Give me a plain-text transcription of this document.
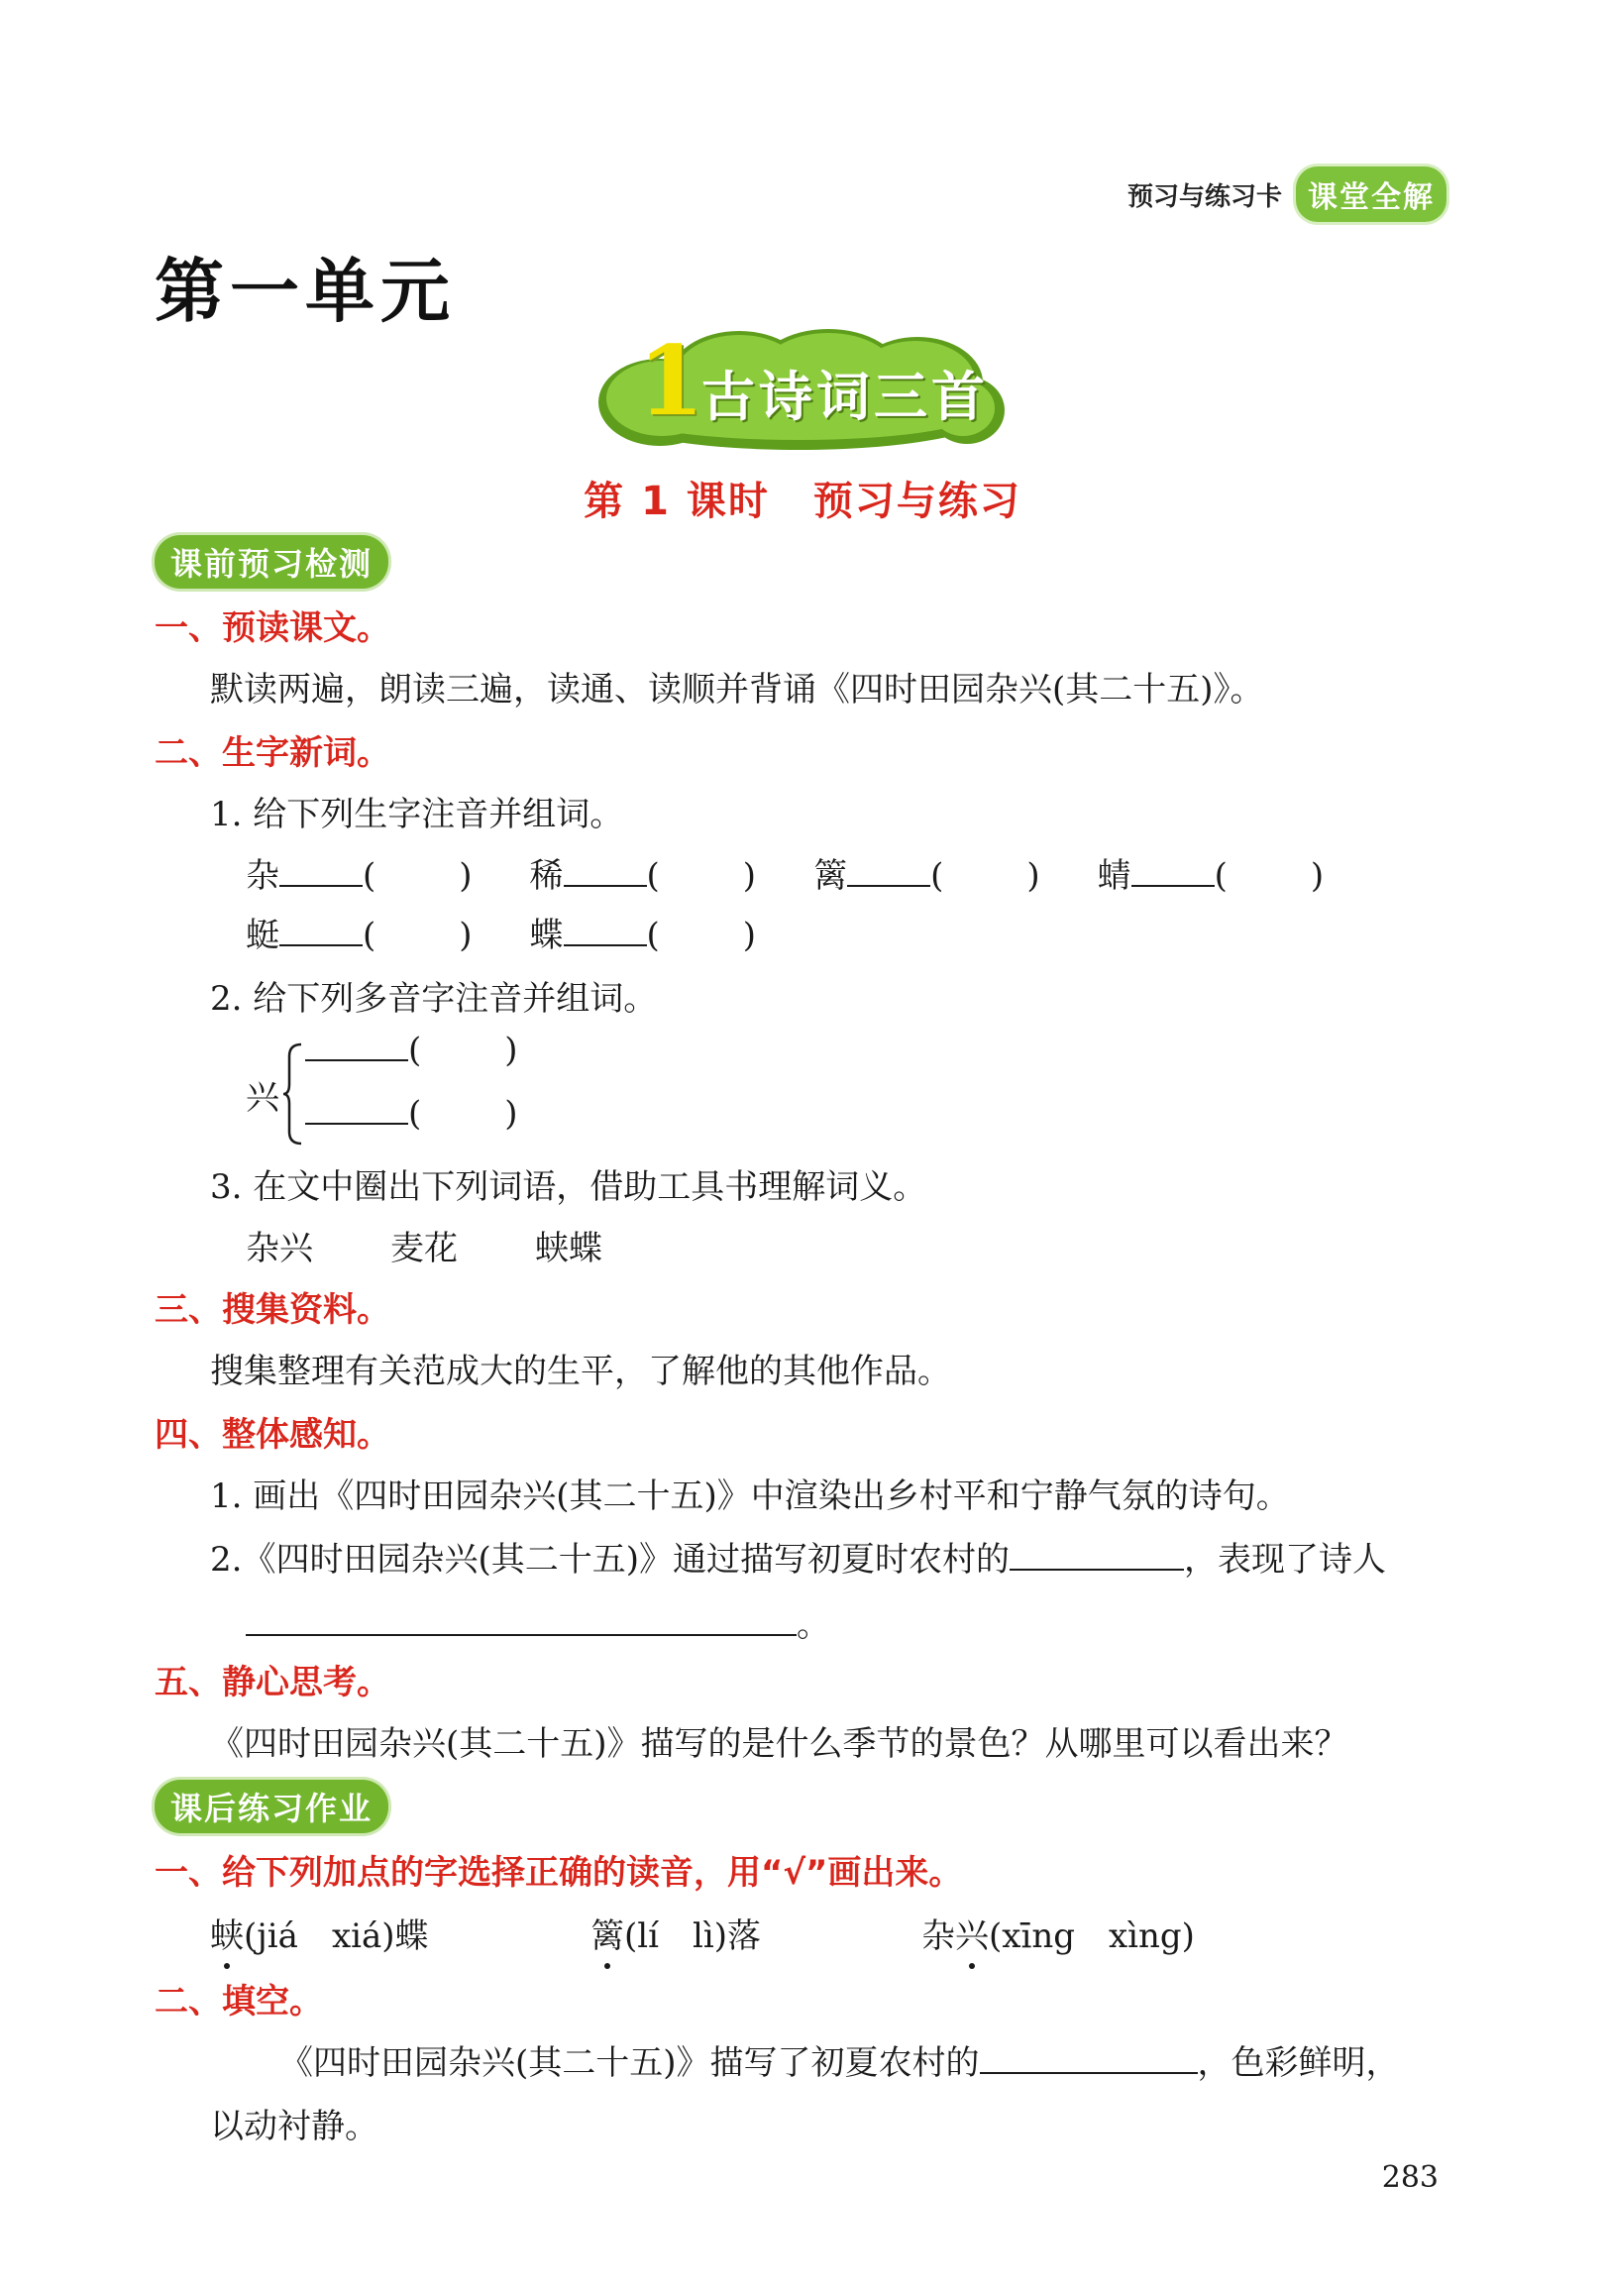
预习与练习卡 课堂全解
第一单元
1
古诗词三首
第 1 课时 预习与练习
课前预习检测
一、预读课文。
默读两遍，朗读三遍，读通、读顺并背诵《四时田园杂兴(其二十五)》。
二、生字新词。
1. 给下列生字注音并组词。
杂 ( ) 稀 ( ) 篱 ( ) 蜻 ( )
蜓 ( ) 蝶 ( )
2. 给下列多音字注音并组词。
兴
( )
( )
3. 在文中圈出下列词语，借助工具书理解词义。
杂兴 麦花 蛱蝶
三、搜集资料。
搜集整理有关范成大的生平，了解他的其他作品。
四、整体感知。
1. 画出《四时田园杂兴(其二十五)》中渲染出乡村平和宁静气氛的诗句。
2.《四时田园杂兴(其二十五)》通过描写初夏时农村的	，表现了诗人
。
五、静心思考。
《四时田园杂兴(其二十五)》描写的是什么季节的景色？从哪里可以看出来？
课后练习作业
一、给下列加点的字选择正确的读音，用“√”画出来。
蛱(jiá　xiá)蝶	篱(lí　lì)落	杂兴(xīng　xìng)
二、填空。
《四时田园杂兴(其二十五)》描写了初夏农村的	，色彩鲜明，
以动衬静。
283
